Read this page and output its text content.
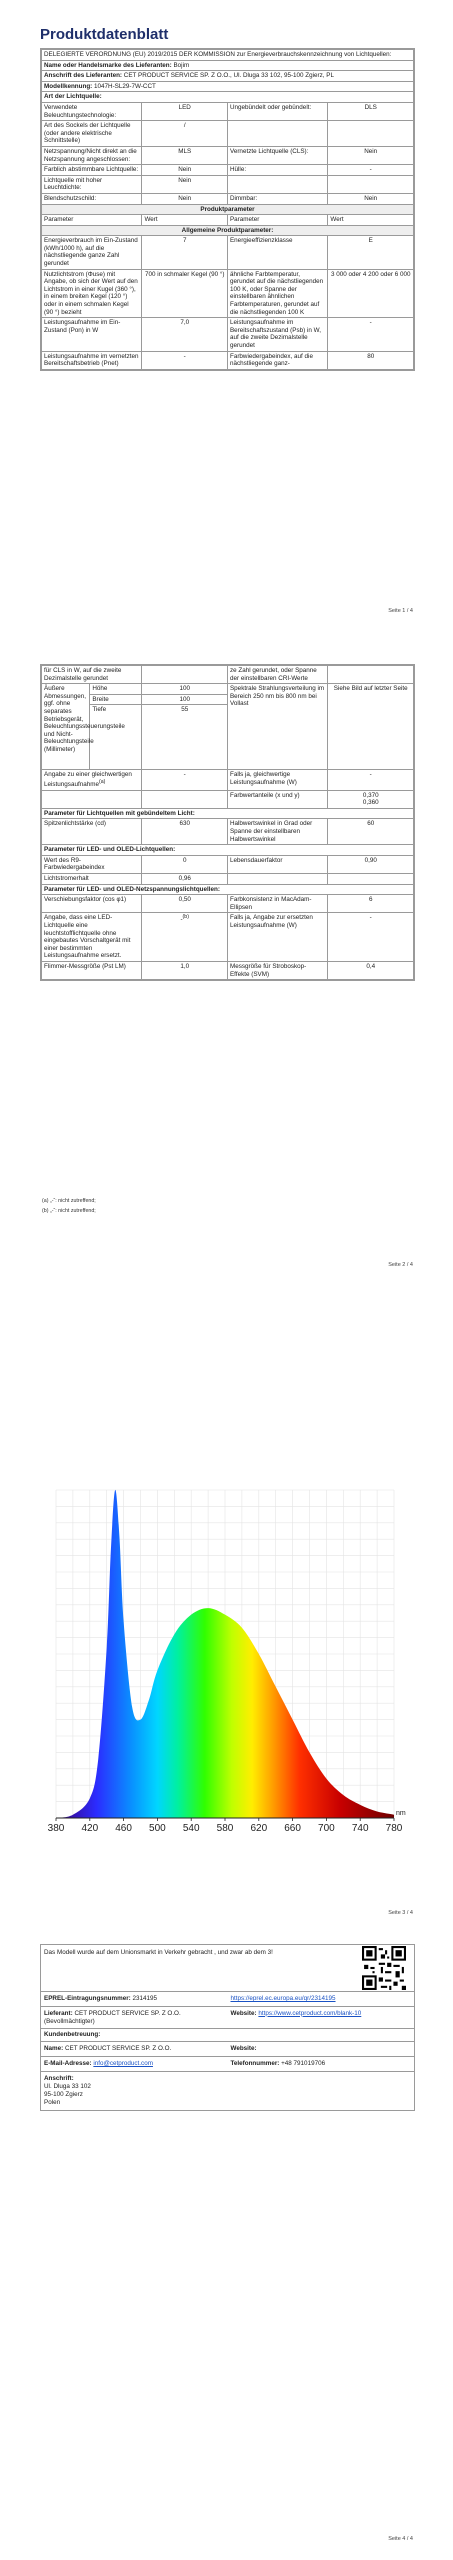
Produktdatenblatt
DELEGIERTE VERORDNUNG (EU) 2019/2015 DER KOMMISSION zur Energieverbrauchskennzeichnung von Lichtquellen:			
Name oder Handelsmarke des Lieferanten: Bojim			
Anschrift des Lieferanten: CET PRODUCT SERVICE SP. Z O.O., Ul. Dluga 33 102, 95-100 Zgierz, PL			
Modellkennung: 1047H-SL29-7W-CCT			
Art der Lichtquelle:			
Verwendete Beleuchtungstechnologie:	LED	Ungebündelt oder gebündelt:	DLS
Art des Sockels der Lichtquelle (oder andere elektrische Schnittstelle)	/		
Netzspannung/Nicht direkt an die Netzspannung angeschlossen:	MLS	Vernetzte Lichtquelle (CLS):	Nein
Farblich abstimmbare Lichtquelle:	Nein	Hülle:	-
Lichtquelle mit hoher Leuchtdichte:	Nein		
Blendschutzschild:	Nein	Dimmbar:	Nein
Produktparameter			
Parameter	Wert	Parameter	Wert
Allgemeine Produktparameter:			
Energieverbrauch im Ein-Zustand (kWh/1000 h), auf die nächstliegende ganze Zahl gerundet	7	Energieeffizienzklasse	E
Nutzlichtstrom (Φuse) mit Angabe, ob sich der Wert auf den Lichtstrom in einer Kugel (360 °), in einem breiten Kegel (120 °) oder in einem schmalen Kegel (90 °) bezieht	700 in schmaler Kegel (90 °)	ähnliche Farbtemperatur, gerundet auf die nächstliegenden 100 K, oder Spanne der einstellbaren ähnlichen Farbtemperaturen, gerundet auf die nächstliegenden 100 K	3 000 oder 4 200 oder 6 000
Leistungsaufnahme im Ein-Zustand (Pon) in W	7,0	Leistungsaufnahme im Bereitschaftszustand (Psb) in W, auf die zweite Dezimalstelle gerundet	-
Leistungsaufnahme im vernetzten Bereitschaftsbetrieb (Pnet)	-	Farbwiedergabeindex, auf die nächstliegende ganz-	80
Seite 1 / 4
für CLS in W, auf die zweite Dezimalstelle gerundet			ze Zahl gerundet, oder Spanne der einstellbaren CRI-Werte	
Äußere Abmessungen, ggf. ohne separates Betriebsgerät, Beleuchtungssteuerungsteile und Nicht-Beleuchtungsteile (Millimeter)	Höhe	100	Spektrale Strahlungsverteilung im Bereich 250 nm bis 800 nm bei Vollast	Siehe Bild auf letzter Seite
	Breite	100		
	Tiefe	55		
Angabe zu einer gleichwertigen Leistungsaufnahme$^{(a)}$		-	Falls ja, gleichwertige Leistungsaufnahme (W)	-
			Farbwertanteile (x und y)	0,370
0,360

Parameter für Lichtquellen mit gebündeltem Licht:				
Spitzenlichtstärke (cd)		630	Halbwertswinkel in Grad oder Spanne der einstellbaren Halbwertswinkel	60
Parameter für LED- und OLED-Lichtquellen:				
Wert des R9-Farbwiedergabeindex		0	Lebensdauerfaktor	0,90
Lichtstromerhalt		0,96		
Parameter für LED- und OLED-Netzspannungslichtquellen:				
Verschiebungsfaktor (cos φ1)		0,50	Farbkonsistenz in MacAdam-Ellipsen	6
Angabe, dass eine LED-Lichtquelle eine leuchtstofflichtquelle ohne eingebautes Vorschaltgerät mit einer bestimmten Leistungsaufnahme ersetzt.		-$^{(b)}$	Falls ja, Angabe zur ersetzten Leistungsaufnahme (W)	-
Flimmer-Messgröße (Pst LM)		1,0	Messgröße für Stroboskop-Effekte (SVM)	0,4
(a) „-“: nicht zutreffend;
(b) „-“: nicht zutreffend;
Seite 2 / 4
380 420 460 500 540 580 620 660 700 740 780
nm
Seite 3 / 4
Das Modell wurde auf dem Unionsmarkt in Verkehr gebracht , und zwar ab dem 3!
EPREL-Eintragungsnummer: 2314195	https://eprel.ec.europa.eu/qr/2314195
Lieferant: CET PRODUCT SERVICE SP. Z O.O. (Bevollmächtigter)
Website: https://www.cetproduct.com/blank-10
Kundenbetreuung:
Name: CET PRODUCT SERVICE SP. Z O.O.	Website:
E-Mail-Adresse: info@cetproduct.com	Telefonnummer: +48 791019706
Anschrift:
Ul. Dluga 33 102
95-100 Zgierz
Polen
Seite 4 / 4
